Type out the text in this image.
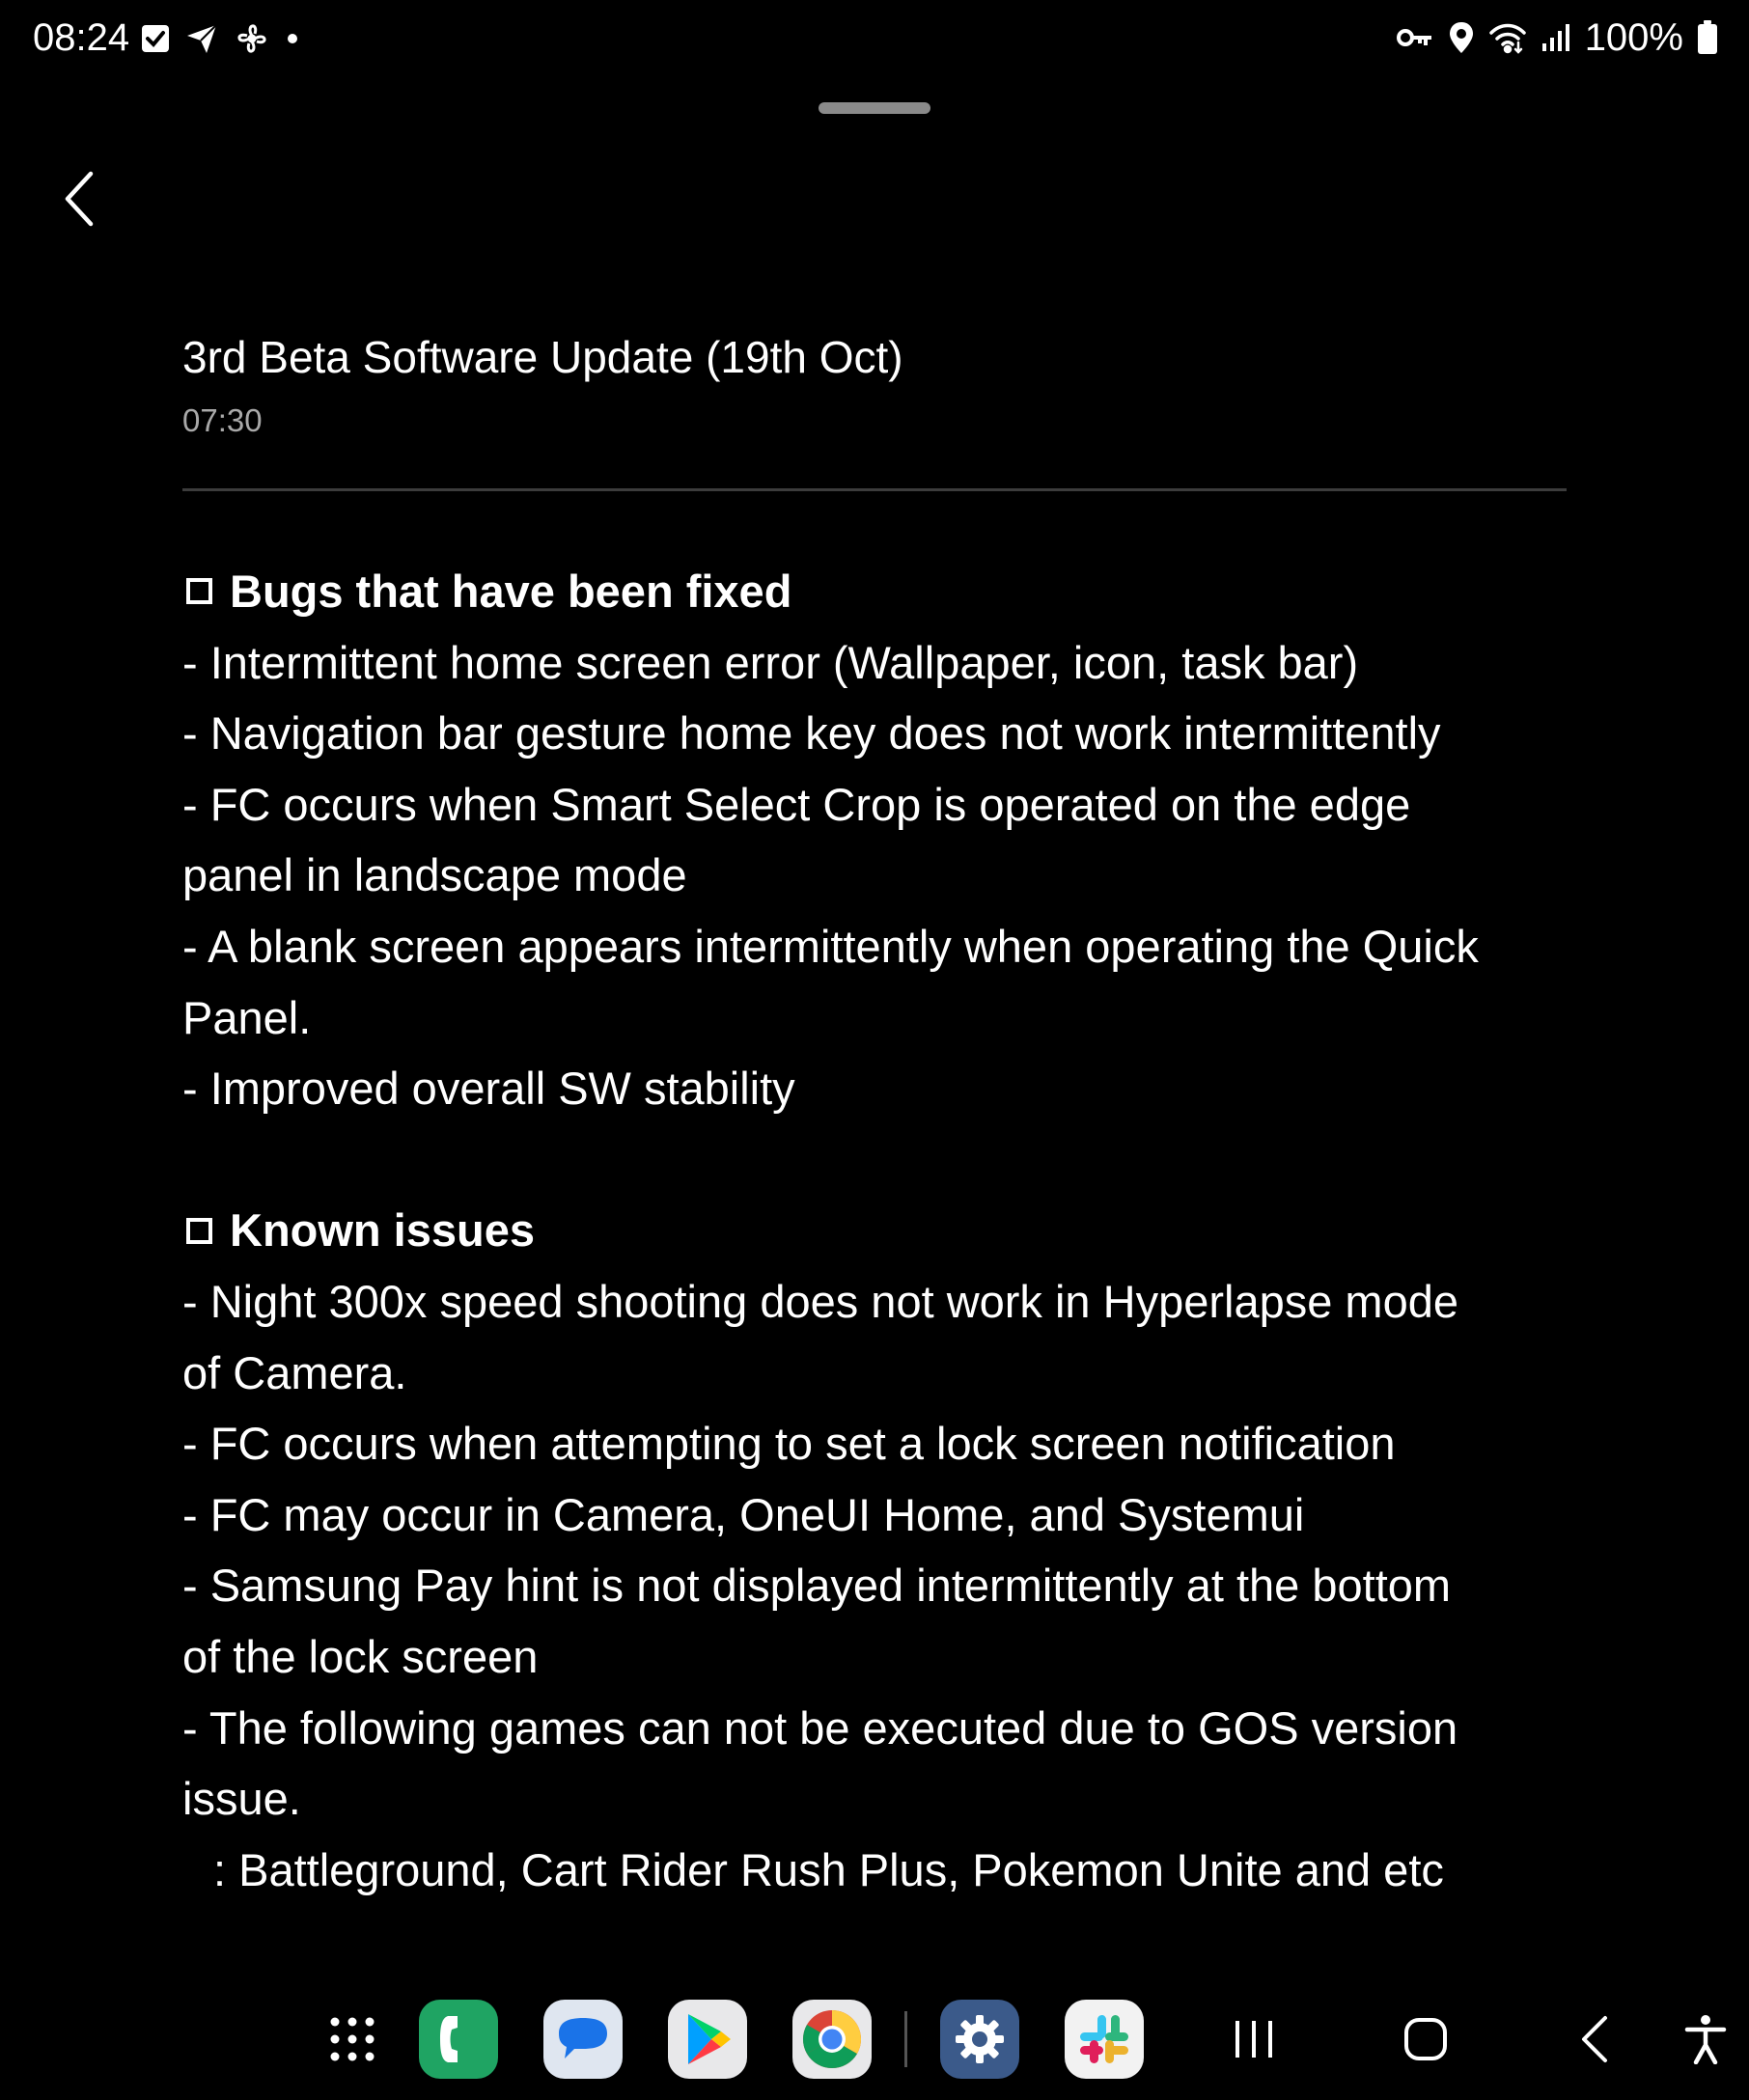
08:24	100%
3rd Beta Software Update (19th Oct)
07:30
Bugs that have been fixed
- Intermittent home screen error (Wallpaper, icon, task bar)
- Navigation bar gesture home key does not work intermittently
- FC occurs when Smart Select Crop is operated on the edge
panel in landscape mode
- A blank screen appears intermittently when operating the Quick
Panel.
- Improved overall SW stability
Known issues
- Night 300x speed shooting does not work in Hyperlapse mode
of Camera.
- FC occurs when attempting to set a lock screen notification
- FC may occur in Camera, OneUI Home, and Systemui
- Samsung Pay hint is not displayed intermittently at the bottom
of the lock screen
- The following games can not be executed due to GOS version
issue.
: Battleground, Cart Rider Rush Plus, Pokemon Unite and etc
